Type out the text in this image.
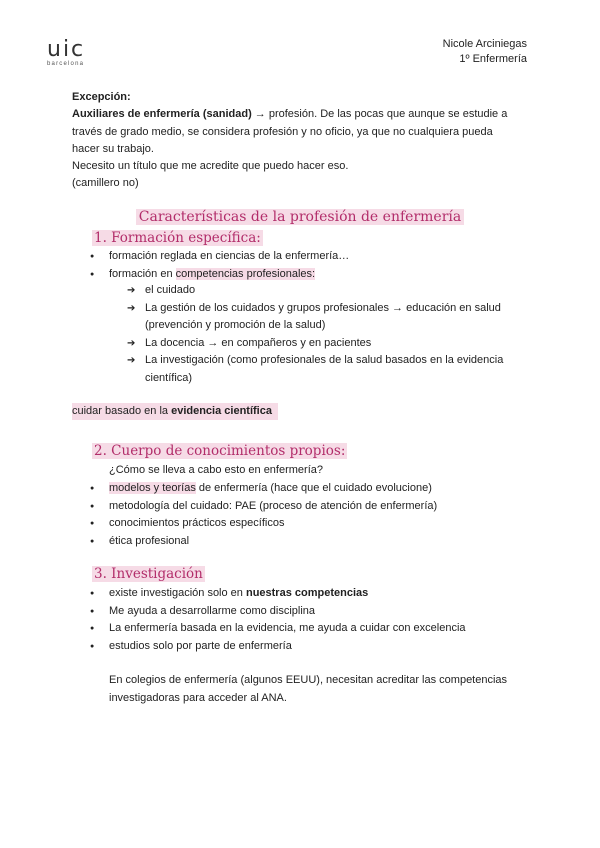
uic
barcelona
Nicole Arciniegas
1º Enfermería

Excepción:

Auxiliares de enfermería (sanidad) → profesión. De las pocas que aunque se estudie a

través de grado medio, se considera profesión y no oficio, ya que no cualquiera pueda

hacer su trabajo.

Necesito un título que me acredite que puedo hacer eso.

(camillero no)

Características de la profesión de enfermería
1. Formación específica:
● formación reglada en ciencias de la enfermería…
● formación en competencias profesionales:
➔ el cuidado
➔ La gestión de los cuidados y grupos profesionales → educación en salud (prevención y promoción de la salud)
➔ La docencia → en compañeros y en pacientes
➔ La investigación (como profesionales de la salud basados en la evidencia científica)
cuidar basado en la evidencia científica
2. Cuerpo de conocimientos propios:
¿Cómo se lleva a cabo esto en enfermería?
● modelos y teorías de enfermería (hace que el cuidado evolucione)
● metodología del cuidado: PAE (proceso de atención de enfermería)
● conocimientos prácticos específicos
● ética profesional
3. Investigación
● existe investigación solo en nuestras competencias
● Me ayuda a desarrollarme como disciplina
● La enfermería basada en la evidencia, me ayuda a cuidar con excelencia
● estudios solo por parte de enfermería
En colegios de enfermería (algunos EEUU), necesitan acreditar las competencias investigadoras para acceder al ANA.
